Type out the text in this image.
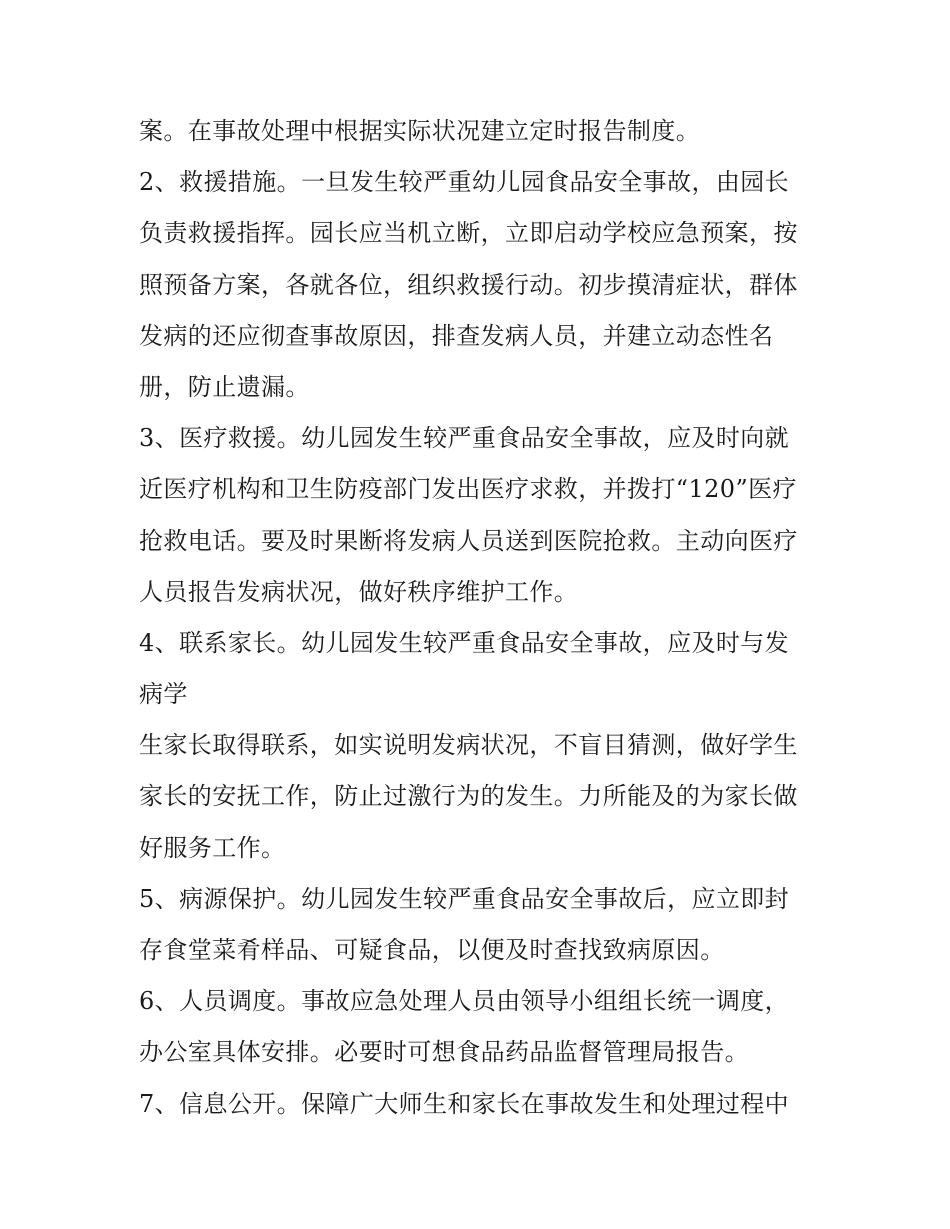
案。在事故处理中根据实际状况建立定时报告制度。
2、救援措施。一旦发生较严重幼儿园食品安全事故，由园长
负责救援指挥。园长应当机立断，立即启动学校应急预案，按
照预备方案，各就各位，组织救援行动。初步摸清症状，群体
发病的还应彻查事故原因，排查发病人员，并建立动态性名
册，防止遗漏。
3、医疗救援。幼儿园发生较严重食品安全事故，应及时向就
近医疗机构和卫生防疫部门发出医疗求救，并拨打“120”医疗
抢救电话。要及时果断将发病人员送到医院抢救。主动向医疗
人员报告发病状况，做好秩序维护工作。
4、联系家长。幼儿园发生较严重食品安全事故，应及时与发
病学
生家长取得联系，如实说明发病状况，不盲目猜测，做好学生
家长的安抚工作，防止过激行为的发生。力所能及的为家长做
好服务工作。
5、病源保护。幼儿园发生较严重食品安全事故后，应立即封
存食堂菜肴样品、可疑食品，以便及时查找致病原因。
6、人员调度。事故应急处理人员由领导小组组长统一调度，
办公室具体安排。必要时可想食品药品监督管理局报告。
7、信息公开。保障广大师生和家长在事故发生和处理过程中
